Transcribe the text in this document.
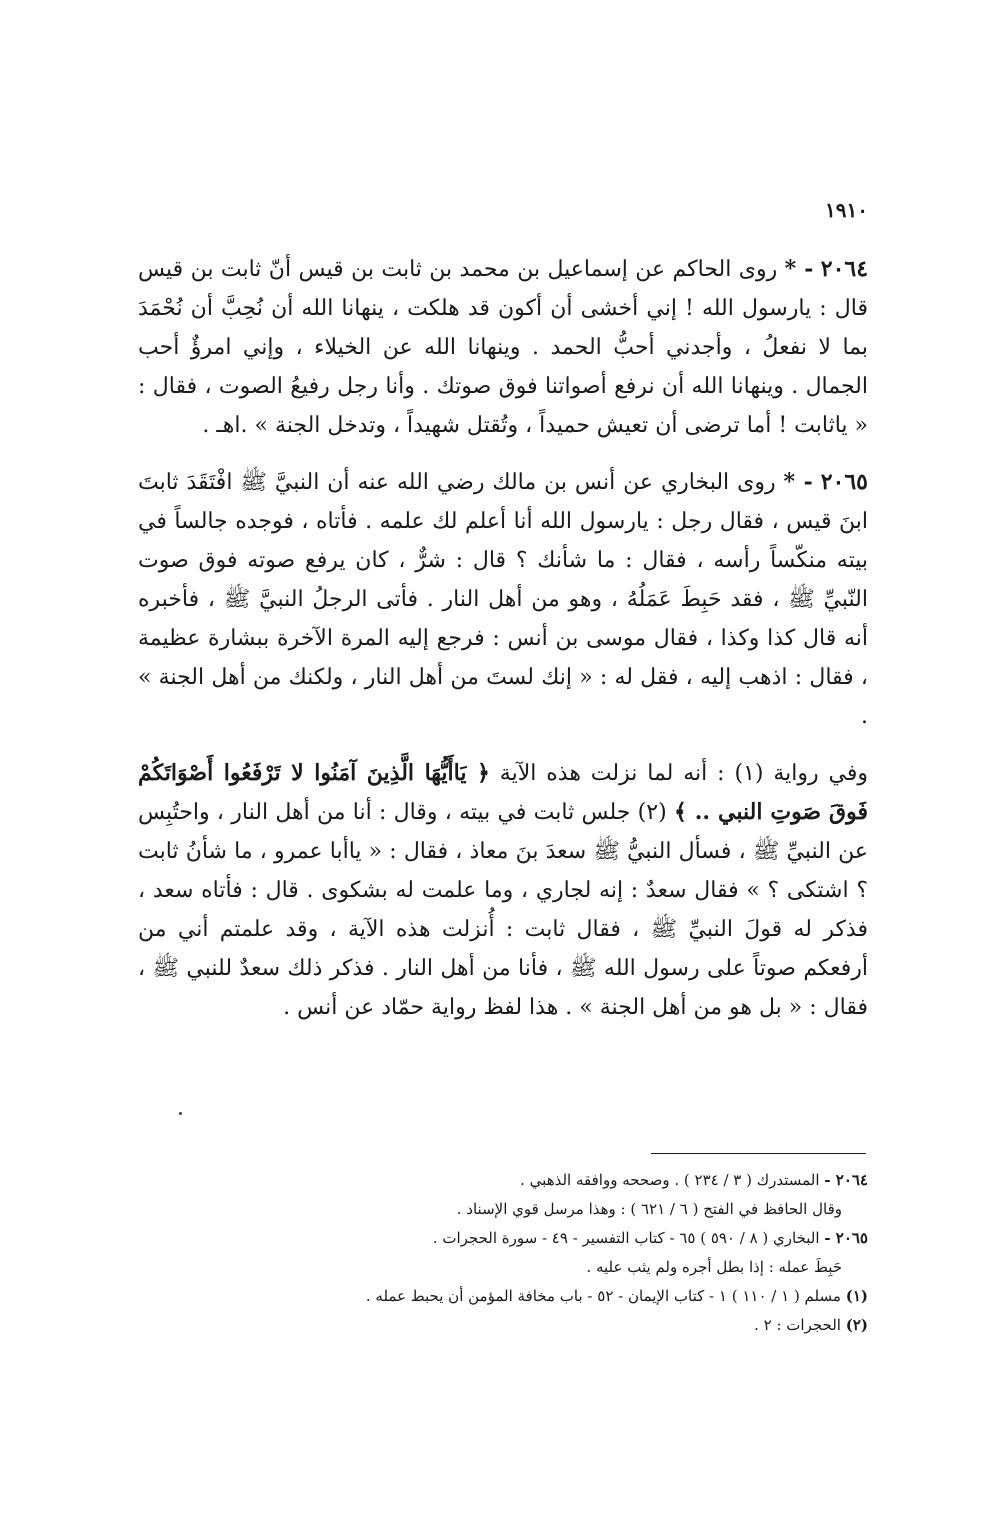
١٩١٠

٢٠٦٤ - * روى الحاكم عن إسماعيل بن محمد بن ثابت بن قيس أنّ ثابت بن قيس قال : يارسول الله ! إني أخشى أن أكون قد هلكت ، ينهانا الله أن نُحِبَّ أن نُحْمَدَ بما لا نفعلُ ، وأجدني أحبُّ الحمد . وينهانا الله عن الخيلاء ، وإني امرؤٌ أحب الجمال . وينهانا الله أن نرفع أصواتنا فوق صوتك . وأنا رجل رفيعُ الصوت ، فقال : « ياثابت ! أما ترضى أن تعيش حميداً ، وتُقتل شهيداً ، وتدخل الجنة » .اهـ .

٢٠٦٥ - * روى البخاري عن أنس بن مالك رضي الله عنه أن النبيَّ ﷺ افْتَقَدَ ثابتَ ابنَ قيس ، فقال رجل : يارسول الله أنا أعلم لك علمه . فأتاه ، فوجده جالساً في بيته منكّساً رأسه ، فقال : ما شأنك ؟ قال : شرٌّ ، كان يرفع صوته فوق صوت النّبيِّ ﷺ ، فقد حَبِطَ عَمَلُهُ ، وهو من أهل النار . فأتى الرجلُ النبيَّ ﷺ ، فأخبره أنه قال كذا وكذا ، فقال موسى بن أنس : فرجع إليه المرة الآخرة ببشارة عظيمة ، فقال : اذهب إليه ، فقل له : « إنك لستَ من أهل النار ، ولكنك من أهل الجنة » .

وفي رواية (١) : أنه لما نزلت هذه الآية ﴿ يَاأَيُّهَا الَّذِينَ آمَنُوا لا تَرْفَعُوا أَصْوَاتَكُمْ فَوقَ صَوتِ النبي .. ﴾ (٢) جلس ثابت في بيته ، وقال : أنا من أهل النار ، واحتُبِس عن النبيِّ ﷺ ، فسأل النبيُّ ﷺ سعدَ بنَ معاذ ، فقال : « ياأبا عمرو ، ما شأنُ ثابت ؟ اشتكى ؟ » فقال سعدٌ : إنه لجاري ، وما علمت له بشكوى . قال : فأتاه سعد ، فذكر له قولَ النبيِّ ﷺ ، فقال ثابت : أُنزلت هذه الآية ، وقد علمتم أني من أرفعكم صوتاً على رسول الله ﷺ ، فأنا من أهل النار . فذكر ذلك سعدٌ للنبي ﷺ ، فقال : « بل هو من أهل الجنة » . هذا لفظ رواية حمّاد عن أنس .

٢٠٦٤ - المستدرك ( ٣ / ٢٣٤ ) . وصححه ووافقه الذهبي .
وقال الحافظ في الفتح ( ٦ / ٦٢١ ) : وهذا مرسل قوي الإسناد .
٢٠٦٥ - البخاري ( ٨ / ٥٩٠ ) ٦٥ - كتاب التفسير - ٤٩ - سورة الحجرات .
حَبِطَ عمله : إذا بطل أجره ولم يثب عليه .
(١) مسلم ( ١ / ١١٠ ) ١ - كتاب الإيمان - ٥٢ - باب مخافة المؤمن أن يحبط عمله .
(٢) الحجرات : ٢ .
